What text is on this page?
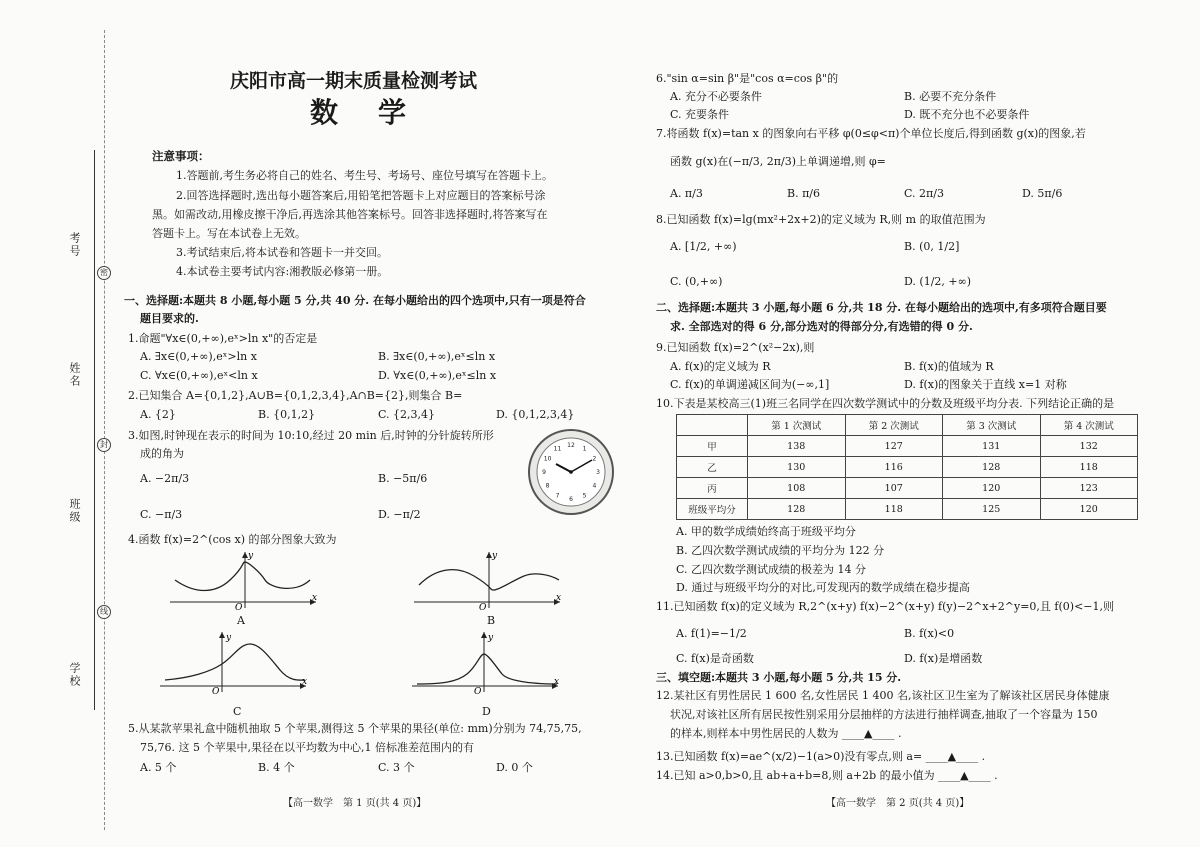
考号
姓名
班级
学校
密
封
线
庆阳市高一期末质量检测考试
数　学
注意事项：
1.答题前,考生务必将自己的姓名、考生号、考场号、座位号填写在答题卡上。
2.回答选择题时,选出每小题答案后,用铅笔把答题卡上对应题目的答案标号涂
黑。如需改动,用橡皮擦干净后,再选涂其他答案标号。回答非选择题时,将答案写在
答题卡上。写在本试卷上无效。
3.考试结束后,将本试卷和答题卡一并交回。
4.本试卷主要考试内容:湘教版必修第一册。
一、选择题:本题共 8 小题,每小题 5 分,共 40 分. 在每小题给出的四个选项中,只有一项是符合
题目要求的.
1.命题"∀x∈(0,+∞),eˣ>ln x"的否定是
A. ∃x∈(0,+∞),eˣ>ln x	B. ∃x∈(0,+∞),eˣ≤ln x
C. ∀x∈(0,+∞),eˣ<ln x	D. ∀x∈(0,+∞),eˣ≤ln x
2.已知集合 A={0,1,2},A∪B={0,1,2,3,4},A∩B={2},则集合 B=
A. {2}	B. {0,1,2}	C. {2,3,4}	D. {0,1,2,3,4}
3.如图,时钟现在表示的时间为 10:10,经过 20 min 后,时钟的分针旋转所形
成的角为
A. −2π/3	B. −5π/6
C. −π/3	D. −π/2
12
1
2
3
4
5
6
7
8
9
10
11
4.函数 f(x)=2^(cos x) 的部分图象大致为
y
x
O
A
y
x
O
B
y
x
O
C
y
x
O
D
5.从某款苹果礼盒中随机抽取 5 个苹果,测得这 5 个苹果的果径(单位: mm)分别为 74,75,75,
75,76. 这 5 个苹果中,果径在以平均数为中心,1 倍标准差范围内的有
A. 5 个	B. 4 个	C. 3 个	D. 0 个
【高一数学　第 1 页(共 4 页)】
6."sin α=sin β"是"cos α=cos β"的
A. 充分不必要条件	B. 必要不充分条件
C. 充要条件	D. 既不充分也不必要条件
7.将函数 f(x)=tan x 的图象向右平移 φ(0≤φ<π)个单位长度后,得到函数 g(x)的图象,若
函数 g(x)在(−π/3, 2π/3)上单调递增,则 φ=
A. π/3	B. π/6	C. 2π/3	D. 5π/6
8.已知函数 f(x)=lg(mx²+2x+2)的定义域为 R,则 m 的取值范围为
A. [1/2, +∞)	B. (0, 1/2]
C. (0,+∞)	D. (1/2, +∞)
二、选择题:本题共 3 小题,每小题 6 分,共 18 分. 在每小题给出的选项中,有多项符合题目要
求. 全部选对的得 6 分,部分选对的得部分分,有选错的得 0 分.
9.已知函数 f(x)=2^(x²−2x),则
A. f(x)的定义域为 R	B. f(x)的值域为 R
C. f(x)的单调递减区间为(−∞,1]	D. f(x)的图象关于直线 x=1 对称
10.下表是某校高三(1)班三名同学在四次数学测试中的分数及班级平均分表. 下列结论正确的是
	第 1 次测试	第 2 次测试	第 3 次测试	第 4 次测试
甲	138	127	131	132
乙	130	116	128	118
丙	108	107	120	123
班级平均分	128	118	125	120
A. 甲的数学成绩始终高于班级平均分
B. 乙四次数学测试成绩的平均分为 122 分
C. 乙四次数学测试成绩的极差为 14 分
D. 通过与班级平均分的对比,可发现丙的数学成绩在稳步提高
11.已知函数 f(x)的定义域为 R,2^(x+y) f(x)−2^(x+y) f(y)−2^x+2^y=0,且 f(0)<−1,则
A. f(1)=−1/2	B. f(x)<0
C. f(x)是奇函数	D. f(x)是增函数
三、填空题:本题共 3 小题,每小题 5 分,共 15 分.
12.某社区有男性居民 1 600 名,女性居民 1 400 名,该社区卫生室为了解该社区居民身体健康
状况,对该社区所有居民按性别采用分层抽样的方法进行抽样调查,抽取了一个容量为 150
的样本,则样本中男性居民的人数为 ____▲____ .
13.已知函数 f(x)=ae^(x/2)−1(a>0)没有零点,则 a= ____▲____ .
14.已知 a>0,b>0,且 ab+a+b=8,则 a+2b 的最小值为 ____▲____ .
【高一数学　第 2 页(共 4 页)】
